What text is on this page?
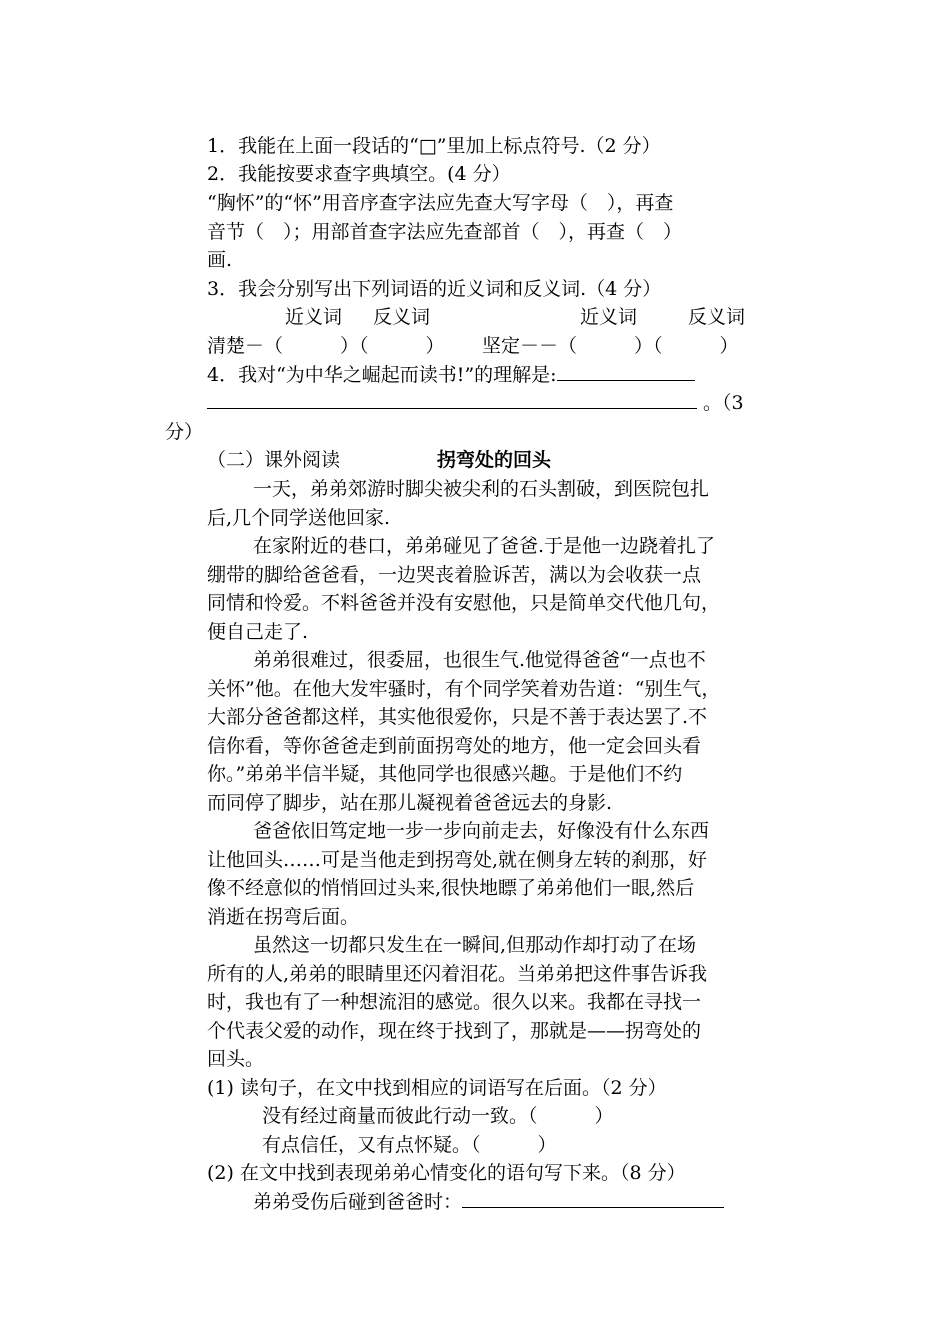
1．我能在上面一段话的“□”里加上标点符号.（2 分）
2．我能按要求查字典填空。(4 分）
“胸怀”的“怀”用音序查字法应先查大写字母（　），再查
音节（　）；用部首查字法应先查部首（　），再查（　）
画.
3．我会分别写出下列词语的近义词和反义词.（4 分）
近义词 反义词	近义词	反义词
清楚－（　　　）（　　　） 坚定－－（　　　）（　　　）
4．我对“为中华之崛起而读书!”的理解是:
。（3
分）
（二）课外阅读	拐弯处的回头
一天，弟弟郊游时脚尖被尖利的石头割破，到医院包扎
后,几个同学送他回家.
在家附近的巷口，弟弟碰见了爸爸.于是他一边跷着扎了
绷带的脚给爸爸看，一边哭丧着脸诉苦，满以为会收获一点
同情和怜爱。不料爸爸并没有安慰他，只是简单交代他几句，
便自己走了.
弟弟很难过，很委屈，也很生气.他觉得爸爸“一点也不
关怀”他。在他大发牢骚时，有个同学笑着劝告道：“别生气，
大部分爸爸都这样，其实他很爱你，只是不善于表达罢了.不
信你看，等你爸爸走到前面拐弯处的地方，他一定会回头看
你。”弟弟半信半疑，其他同学也很感兴趣。于是他们不约
而同停了脚步，站在那儿凝视着爸爸远去的身影.
爸爸依旧笃定地一步一步向前走去，好像没有什么东西
让他回头……可是当他走到拐弯处,就在侧身左转的刹那，好
像不经意似的悄悄回过头来,很快地瞟了弟弟他们一眼,然后
消逝在拐弯后面。
虽然这一切都只发生在一瞬间,但那动作却打动了在场
所有的人,弟弟的眼睛里还闪着泪花。当弟弟把这件事告诉我
时，我也有了一种想流泪的感觉。很久以来。我都在寻找一
个代表父爱的动作，现在终于找到了，那就是——拐弯处的
回头。
(1) 读句子，在文中找到相应的词语写在后面。（2 分）
没有经过商量而彼此行动一致。（　　　）
有点信任，又有点怀疑。（　　　）
(2) 在文中找到表现弟弟心情变化的语句写下来。（8 分）
弟弟受伤后碰到爸爸时：
